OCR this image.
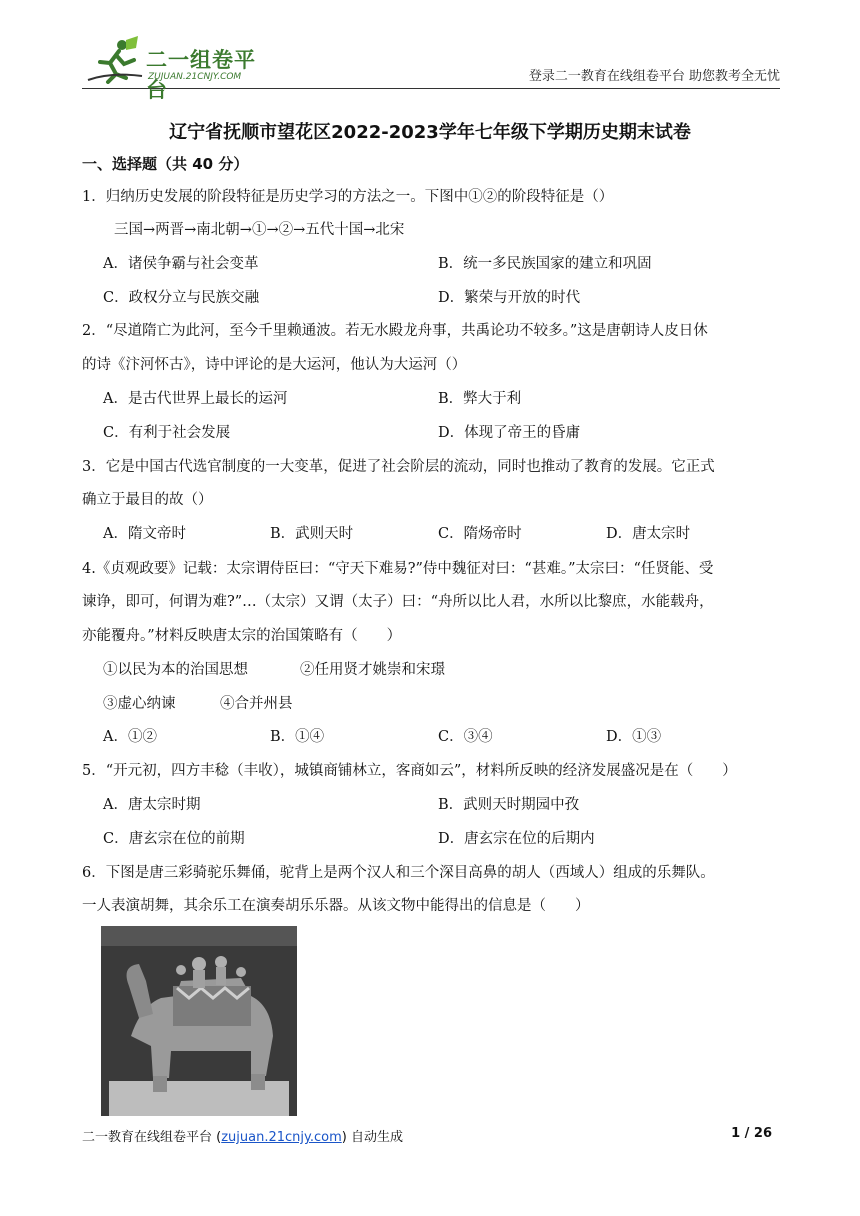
二一组卷平台
ZUJUAN.21CNJY.COM	登录二一教育在线组卷平台 助您教考全无忧
辽宁省抚顺市望花区2022-2023学年七年级下学期历史期末试卷
一、选择题（共 40 分）
1．归纳历史发展的阶段特征是历史学习的方法之一。下图中①②的阶段特征是（）
三国→两晋→南北朝→①→②→五代十国→北宋
A．诸侯争霸与社会变革	B．统一多民族国家的建立和巩固
C．政权分立与民族交融	D．繁荣与开放的时代
2．“尽道隋亡为此河，至今千里赖通波。若无水殿龙舟事，共禹论功不较多。”这是唐朝诗人皮日休
的诗《汴河怀古》，诗中评论的是大运河，他认为大运河（）
A．是古代世界上最长的运河	B．弊大于利
C．有利于社会发展	D．体现了帝王的昏庸
3．它是中国古代选官制度的一大变革，促进了社会阶层的流动，同时也推动了教育的发展。它正式
确立于最目的故（）
A．隋文帝时	B．武则天时	C．隋炀帝时	D．唐太宗时
4.《贞观政要》记载：太宗谓侍臣曰：“守天下难易?”侍中魏征对曰：“甚难。”太宗曰：“任贤能、受
谏诤，即可，何谓为难?”…（太宗）又谓（太子）曰：“舟所以比人君，水所以比黎庶，水能载舟，
亦能覆舟。”材料反映唐太宗的治国策略有（　　）
①以民为本的治国思想	②任用贤才姚崇和宋璟
③虚心纳谏	④合并州县
A．①②	B．①④	C．③④	D．①③
5．“开元初，四方丰稔（丰收），城镇商铺林立，客商如云”，材料所反映的经济发展盛况是在（　　）
A．唐太宗时期	B．武则天时期园中孜
C．唐玄宗在位的前期	D．唐玄宗在位的后期内
6．下图是唐三彩骑驼乐舞俑，驼背上是两个汉人和三个深目高鼻的胡人（西域人）组成的乐舞队。
一人表演胡舞，其余乐工在演奏胡乐乐器。从该文物中能得出的信息是（　　）
二一教育在线组卷平台 (zujuan.21cnjy.com) 自动生成	1 / 26
